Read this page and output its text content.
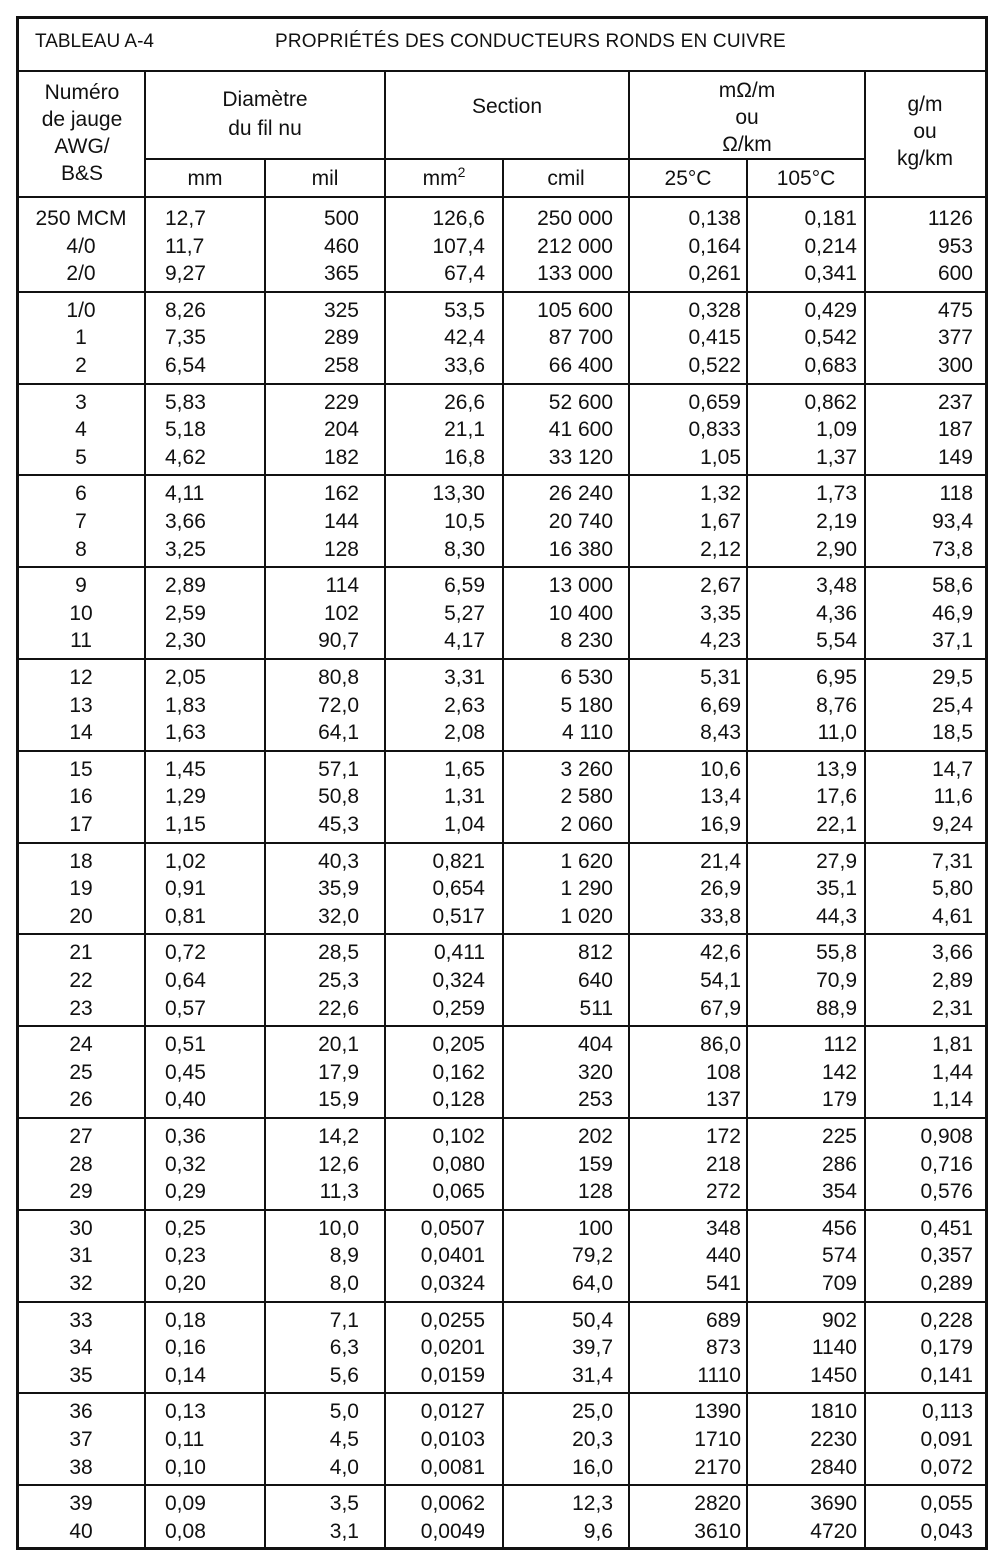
TABLEAU A-4	PROPRIÉTÉS DES CONDUCTEURS RONDS EN CUIVRE
Numéro
de jauge
AWG/
B&S
Diamètre
du fil nu
Section
mΩ/m
ou
Ω/km
g/m
ou
kg/km
mm	mil	$mm^2$	cmil	25°C	105°C
250 MCM	12,7	500	126,6	250 000	0,138	0,181	1126
4/0	11,7	460	107,4	212 000	0,164	0,214	953
2/0	9,27	365	67,4	133 000	0,261	0,341	600
1/0	8,26	325	53,5	105 600	0,328	0,429	475
1	7,35	289	42,4	87 700	0,415	0,542	377
2	6,54	258	33,6	66 400	0,522	0,683	300
3	5,83	229	26,6	52 600	0,659	0,862	237
4	5,18	204	21,1	41 600	0,833	1,09	187
5	4,62	182	16,8	33 120	1,05	1,37	149
6	4,11	162	13,30	26 240	1,32	1,73	118
7	3,66	144	10,5	20 740	1,67	2,19	93,4
8	3,25	128	8,30	16 380	2,12	2,90	73,8
9	2,89	114	6,59	13 000	2,67	3,48	58,6
10	2,59	102	5,27	10 400	3,35	4,36	46,9
11	2,30	90,7	4,17	8 230	4,23	5,54	37,1
12	2,05	80,8	3,31	6 530	5,31	6,95	29,5
13	1,83	72,0	2,63	5 180	6,69	8,76	25,4
14	1,63	64,1	2,08	4 110	8,43	11,0	18,5
15	1,45	57,1	1,65	3 260	10,6	13,9	14,7
16	1,29	50,8	1,31	2 580	13,4	17,6	11,6
17	1,15	45,3	1,04	2 060	16,9	22,1	9,24
18	1,02	40,3	0,821	1 620	21,4	27,9	7,31
19	0,91	35,9	0,654	1 290	26,9	35,1	5,80
20	0,81	32,0	0,517	1 020	33,8	44,3	4,61
21	0,72	28,5	0,411	812	42,6	55,8	3,66
22	0,64	25,3	0,324	640	54,1	70,9	2,89
23	0,57	22,6	0,259	511	67,9	88,9	2,31
24	0,51	20,1	0,205	404	86,0	112	1,81
25	0,45	17,9	0,162	320	108	142	1,44
26	0,40	15,9	0,128	253	137	179	1,14
27	0,36	14,2	0,102	202	172	225	0,908
28	0,32	12,6	0,080	159	218	286	0,716
29	0,29	11,3	0,065	128	272	354	0,576
30	0,25	10,0	0,0507	100	348	456	0,451
31	0,23	8,9	0,0401	79,2	440	574	0,357
32	0,20	8,0	0,0324	64,0	541	709	0,289
33	0,18	7,1	0,0255	50,4	689	902	0,228
34	0,16	6,3	0,0201	39,7	873	1140	0,179
35	0,14	5,6	0,0159	31,4	1110	1450	0,141
36	0,13	5,0	0,0127	25,0	1390	1810	0,113
37	0,11	4,5	0,0103	20,3	1710	2230	0,091
38	0,10	4,0	0,0081	16,0	2170	2840	0,072
39	0,09	3,5	0,0062	12,3	2820	3690	0,055
40	0,08	3,1	0,0049	9,6	3610	4720	0,043
